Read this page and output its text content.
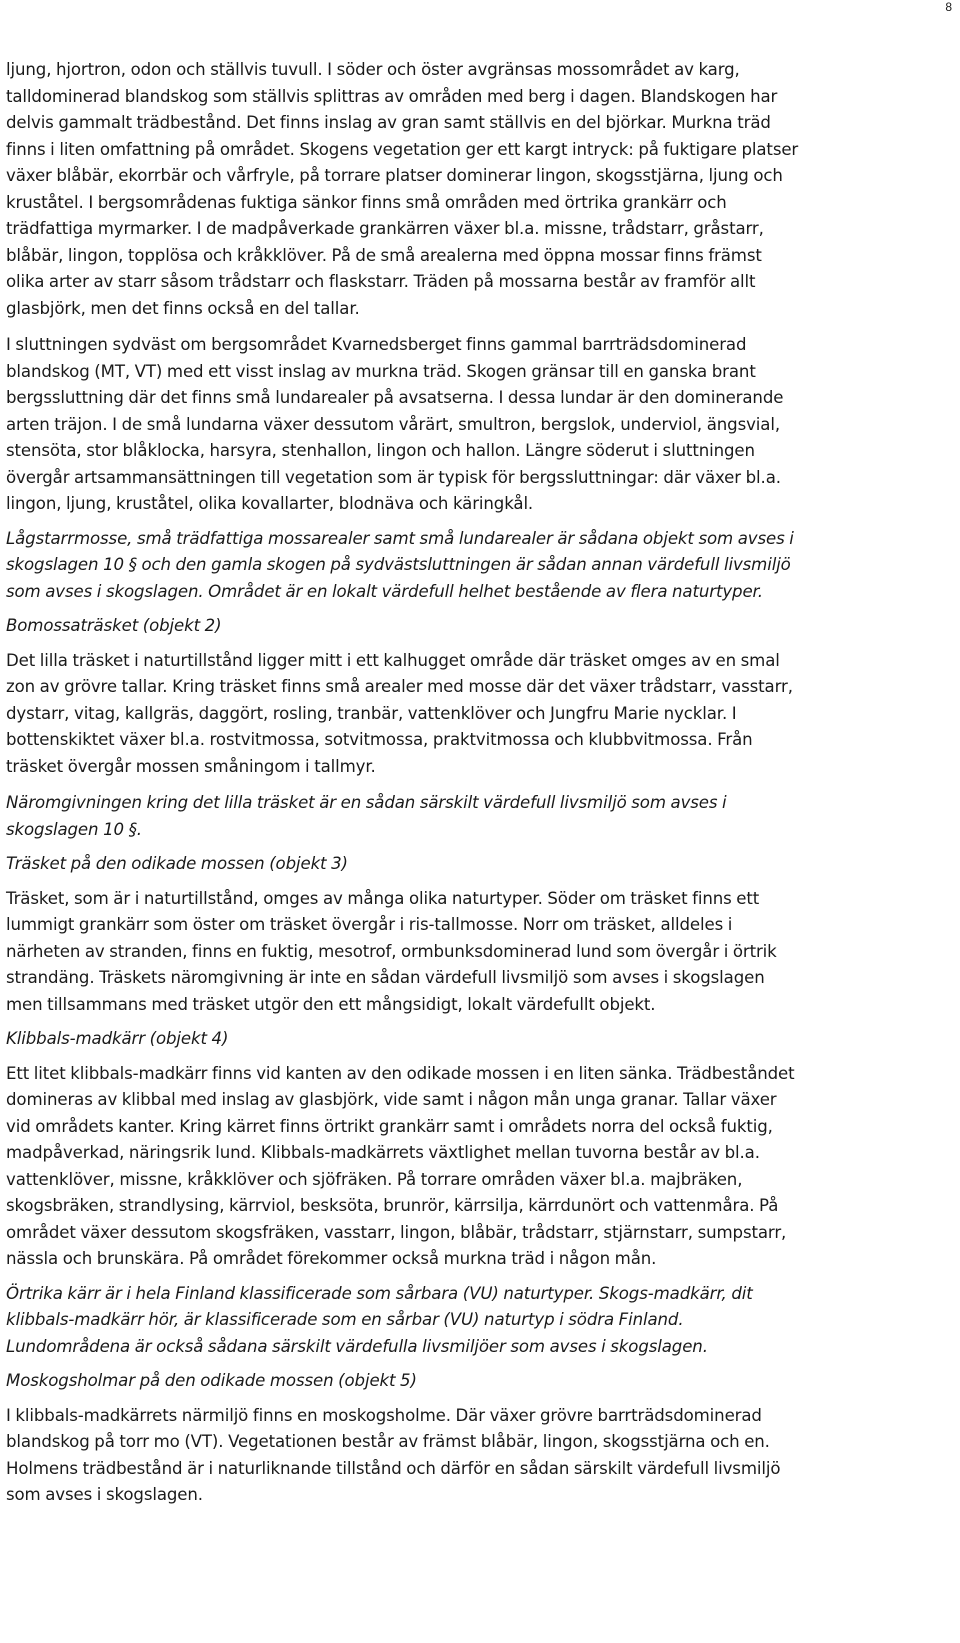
8

ljung, hjortron, odon och ställvis tuvull. I söder och öster avgränsas mossområdet av karg,
talldominerad blandskog som ställvis splittras av områden med berg i dagen. Blandskogen har
delvis gammalt trädbestånd. Det finns inslag av gran samt ställvis en del björkar. Murkna träd
finns i liten omfattning på området. Skogens vegetation ger ett kargt intryck: på fuktigare platser
växer blåbär, ekorrbär och vårfryle, på torrare platser dominerar lingon, skogsstjärna, ljung och
kruståtel. I bergsområdenas fuktiga sänkor finns små områden med örtrika grankärr och
trädfattiga myrmarker. I de madpåverkade grankärren växer bl.a. missne, trådstarr, gråstarr,
blåbär, lingon, topplösa och kråkklöver. På de små arealerna med öppna mossar finns främst
olika arter av starr såsom trådstarr och flaskstarr. Träden på mossarna består av framför allt
glasbjörk, men det finns också en del tallar.

I sluttningen sydväst om bergsområdet Kvarnedsberget finns gammal barrträdsdominerad
blandskog (MT, VT) med ett visst inslag av murkna träd. Skogen gränsar till en ganska brant
bergssluttning där det finns små lundarealer på avsatserna. I dessa lundar är den dominerande
arten träjon. I de små lundarna växer dessutom vårärt, smultron, bergslok, underviol, ängsvial,
stensöta, stor blåklocka, harsyra, stenhallon, lingon och hallon. Längre söderut i sluttningen
övergår artsammansättningen till vegetation som är typisk för bergssluttningar: där växer bl.a.
lingon, ljung, kruståtel, olika kovallarter, blodnäva och käringkål.

Lågstarrmosse, små trädfattiga mossarealer samt små lundarealer är sådana objekt som avses i
skogslagen 10 § och den gamla skogen på sydvästsluttningen är sådan annan värdefull livsmiljö
som avses i skogslagen. Området är en lokalt värdefull helhet bestående av flera naturtyper.

Bomossaträsket (objekt 2)

Det lilla träsket i naturtillstånd ligger mitt i ett kalhugget område där träsket omges av en smal
zon av grövre tallar. Kring träsket finns små arealer med mosse där det växer trådstarr, vasstarr,
dystarr, vitag, kallgräs, daggört, rosling, tranbär, vattenklöver och Jungfru Marie nycklar. I
bottenskiktet växer bl.a. rostvitmossa, sotvitmossa, praktvitmossa och klubbvitmossa. Från
träsket övergår mossen småningom i tallmyr.

Näromgivningen kring det lilla träsket är en sådan särskilt värdefull livsmiljö som avses i
skogslagen 10 §.

Träsket på den odikade mossen (objekt 3)

Träsket, som är i naturtillstånd, omges av många olika naturtyper. Söder om träsket finns ett
lummigt grankärr som öster om träsket övergår i ris-tallmosse. Norr om träsket, alldeles i
närheten av stranden, finns en fuktig, mesotrof, ormbunksdominerad lund som övergår i örtrik
strandäng. Träskets näromgivning är inte en sådan värdefull livsmiljö som avses i skogslagen
men tillsammans med träsket utgör den ett mångsidigt, lokalt värdefullt objekt.

Klibbals-madkärr (objekt 4)

Ett litet klibbals-madkärr finns vid kanten av den odikade mossen i en liten sänka. Trädbeståndet
domineras av klibbal med inslag av glasbjörk, vide samt i någon mån unga granar. Tallar växer
vid områdets kanter. Kring kärret finns örtrikt grankärr samt i områdets norra del också fuktig,
madpåverkad, näringsrik lund. Klibbals-madkärrets växtlighet mellan tuvorna består av bl.a.
vattenklöver, missne, kråkklöver och sjöfräken. På torrare områden växer bl.a. majbräken,
skogsbräken, strandlysing, kärrviol, besksöta, brunrör, kärrsilja, kärrdunört och vattenmåra. På
området växer dessutom skogsfräken, vasstarr, lingon, blåbär, trådstarr, stjärnstarr, sumpstarr,
nässla och brunskära. På området förekommer också murkna träd i någon mån.

Örtrika kärr är i hela Finland klassificerade som sårbara (VU) naturtyper. Skogs-madkärr, dit
klibbals-madkärr hör, är klassificerade som en sårbar (VU) naturtyp i södra Finland.
Lundområdena är också sådana särskilt värdefulla livsmiljöer som avses i skogslagen.

Moskogsholmar på den odikade mossen (objekt 5)

I klibbals-madkärrets närmiljö finns en moskogsholme. Där växer grövre barrträdsdominerad
blandskog på torr mo (VT). Vegetationen består av främst blåbär, lingon, skogsstjärna och en.
Holmens trädbestånd är i naturliknande tillstånd och därför en sådan särskilt värdefull livsmiljö
som avses i skogslagen.
